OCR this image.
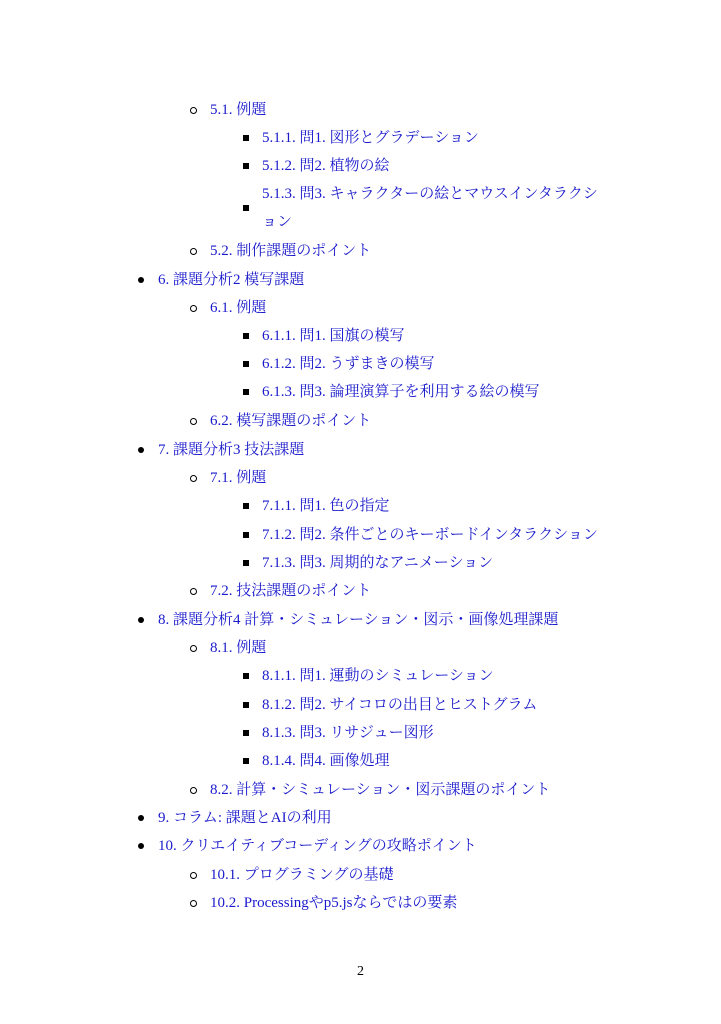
5.1. 例題
5.1.1. 問1. 図形とグラデーション
5.1.2. 問2. 植物の絵
5.1.3. 問3. キャラクターの絵とマウスインタラクション
5.2. 制作課題のポイント
6. 課題分析2 模写課題
6.1. 例題
6.1.1. 問1. 国旗の模写
6.1.2. 問2. うずまきの模写
6.1.3. 問3. 論理演算子を利用する絵の模写
6.2. 模写課題のポイント
7. 課題分析3 技法課題
7.1. 例題
7.1.1. 問1. 色の指定
7.1.2. 問2. 条件ごとのキーボードインタラクション
7.1.3. 問3. 周期的なアニメーション
7.2. 技法課題のポイント
8. 課題分析4 計算・シミュレーション・図示・画像処理課題
8.1. 例題
8.1.1. 問1. 運動のシミュレーション
8.1.2. 問2. サイコロの出目とヒストグラム
8.1.3. 問3. リサジュー図形
8.1.4. 問4. 画像処理
8.2. 計算・シミュレーション・図示課題のポイント
9. コラム: 課題とAIの利用
10. クリエイティブコーディングの攻略ポイント
10.1. プログラミングの基礎
10.2. Processingやp5.jsならではの要素
2
